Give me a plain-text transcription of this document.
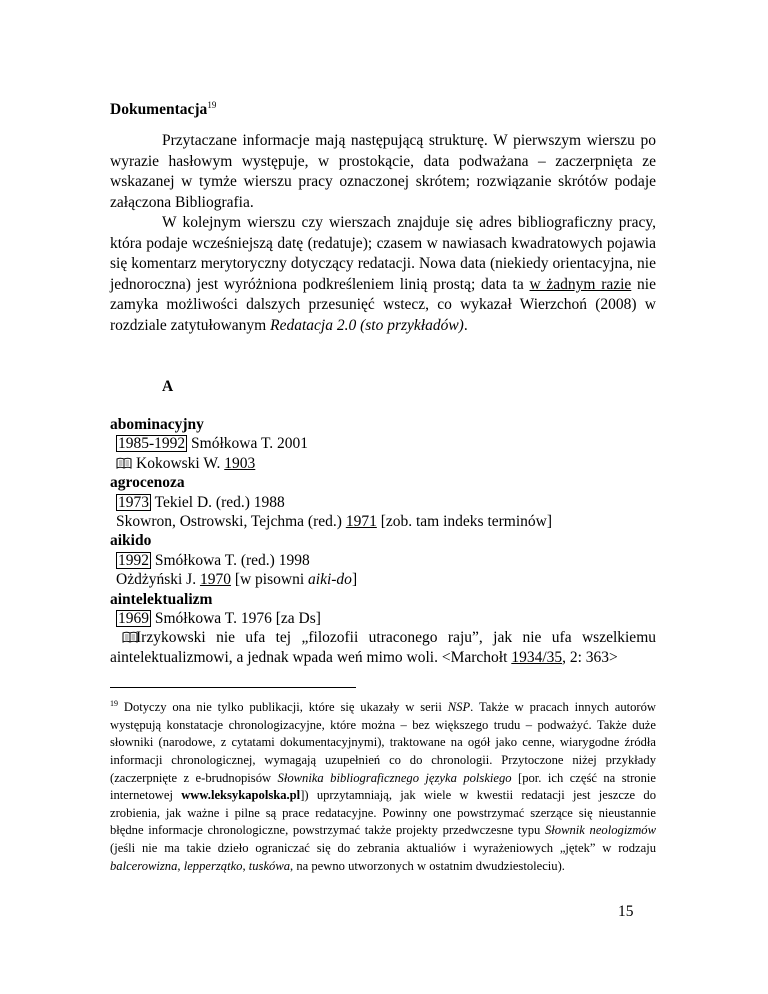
Dokumentacja$^{19}$

Przytaczane informacje mają następującą strukturę. W pierwszym wierszu po wyrazie hasłowym występuje, w prostokącie, data podważana – zaczerpnięta ze wskazanej w tymże wierszu pracy oznaczonej skrótem; rozwiązanie skrótów podaje załączona Bibliografia.

W kolejnym wierszu czy wierszach znajduje się adres bibliograficzny pracy, która podaje wcześniejszą datę (redatuje); czasem w nawiasach kwadratowych pojawia się komentarz merytoryczny dotyczący redatacji. Nowa data (niekiedy orientacyjna, nie jednoroczna) jest wyróżniona podkreśleniem linią prostą; data ta w żadnym razie nie zamyka możliwości dalszych przesunięć wstecz, co wykazał Wierzchoń (2008) w rozdziale zatytułowanym Redatacja 2.0 (sto przykładów).

A
abominacyjny
1985-1992 Smółkowa T. 2001
Kokowski W. 1903
agrocenoza
1973 Tekiel D. (red.) 1988
Skowron, Ostrowski, Tejchma (red.) 1971 [zob. tam indeks terminów]
aikido
1992 Smółkowa T. (red.) 1998
Ożdżyński J. 1970 [w pisowni aiki-do]
aintelektualizm
1969 Smółkowa T. 1976 [za Ds]
Irzykowski nie ufa tej „filozofii utraconego raju”, jak nie ufa wszelkiemu aintelektualizmowi, a jednak wpada weń mimo woli. <Marchołt 1934/35, 2: 363>

$^{19}$ Dotyczy ona nie tylko publikacji, które się ukazały w serii NSP. Także w pracach innych autorów występują konstatacje chronologizacyjne, które można – bez większego trudu – podważyć. Także duże słowniki (narodowe, z cytatami dokumentacyjnymi), traktowane na ogół jako cenne, wiarygodne źródła informacji chronologicznej, wymagają uzupełnień co do chronologii. Przytoczone niżej przykłady (zaczerpnięte z e-brudnopisów Słownika bibliograficznego języka polskiego [por. ich część na stronie internetowej www.leksykapolska.pl]) uprzytamniają, jak wiele w kwestii redatacji jest jeszcze do zrobienia, jak ważne i pilne są prace redatacyjne. Powinny one powstrzymać szerzące się nieustannie błędne informacje chronologiczne, powstrzymać także projekty przedwczesne typu Słownik neologizmów (jeśli nie ma takie dzieło ograniczać się do zebrania aktualiów i wyrażeniowych „jętek” w rodzaju balcerowizna, lepperzątko, tuskówa, na pewno utworzonych w ostatnim dwudziestoleciu).

15
